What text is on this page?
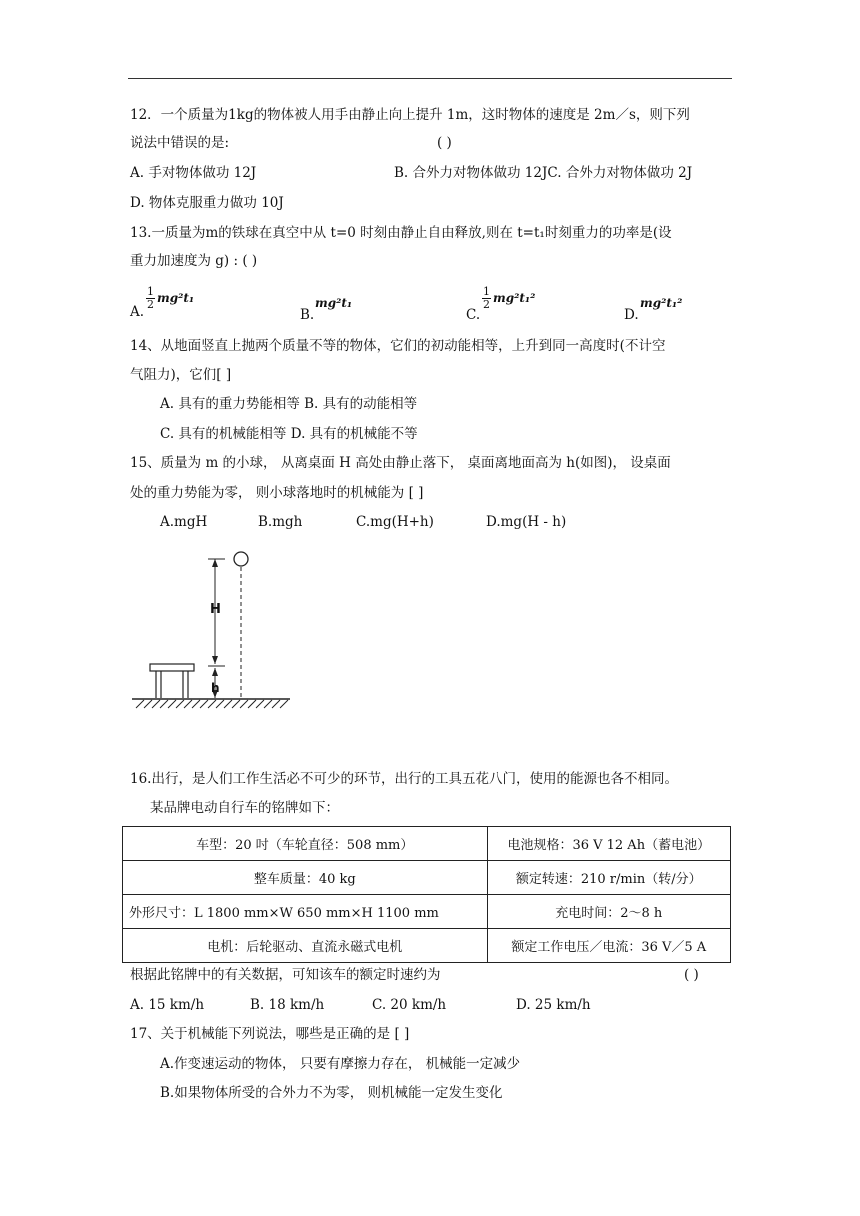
12．一个质量为1kg的物体被人用手由静止向上提升 1m，这时物体的速度是 2m／s，则下列
说法中错误的是:	( )
A. 手对物体做功 12J	B. 合外力对物体做功 12JC. 合外力对物体做功 2J
D. 物体克服重力做功 10J
13.一质量为m的铁球在真空中从 t=0 时刻由静止自由释放,则在 t=t₁时刻重力的功率是(设
重力加速度为 g) : ( )
A.
$\frac{1}{2} mg^2t_1$
B.
mg²t₁
C.
$\frac{1}{2} mg^2t_1^2$
D.
mg²t₁²
14、从地面竖直上抛两个质量不等的物体，它们的初动能相等，上升到同一高度时(不计空
气阻力)，它们[ ]
A. 具有的重力势能相等 B. 具有的动能相等
C. 具有的机械能相等 D. 具有的机械能不等
15、质量为 m 的小球， 从离桌面 H 高处由静止落下， 桌面离地面高为 h(如图)， 设桌面
处的重力势能为零， 则小球落地时的机械能为 [ ]
A.mgH	B.mgh	C.mg(H+h)	D.mg(H - h)
H
h
16.出行，是人们工作生活必不可少的环节，出行的工具五花八门，使用的能源也各不相同。
某品牌电动自行车的铭牌如下：
车型：20 吋（车轮直径：508 mm）	电池规格：36 V 12 Ah（蓄电池）
整车质量：40 kg	额定转速：210 r/min（转/分）
外形尺寸：L 1800 mm×W 650 mm×H 1100 mm	充电时间：2～8 h
电机：后轮驱动、直流永磁式电机	额定工作电压／电流：36 V／5 A
根据此铭牌中的有关数据，可知该车的额定时速约为	( )
A. 15 km/h	B. 18 km/h	C. 20 km/h	D. 25 km/h
17、关于机械能下列说法，哪些是正确的是 [ ]
A.作变速运动的物体， 只要有摩擦力存在， 机械能一定减少
B.如果物体所受的合外力不为零， 则机械能一定发生变化
